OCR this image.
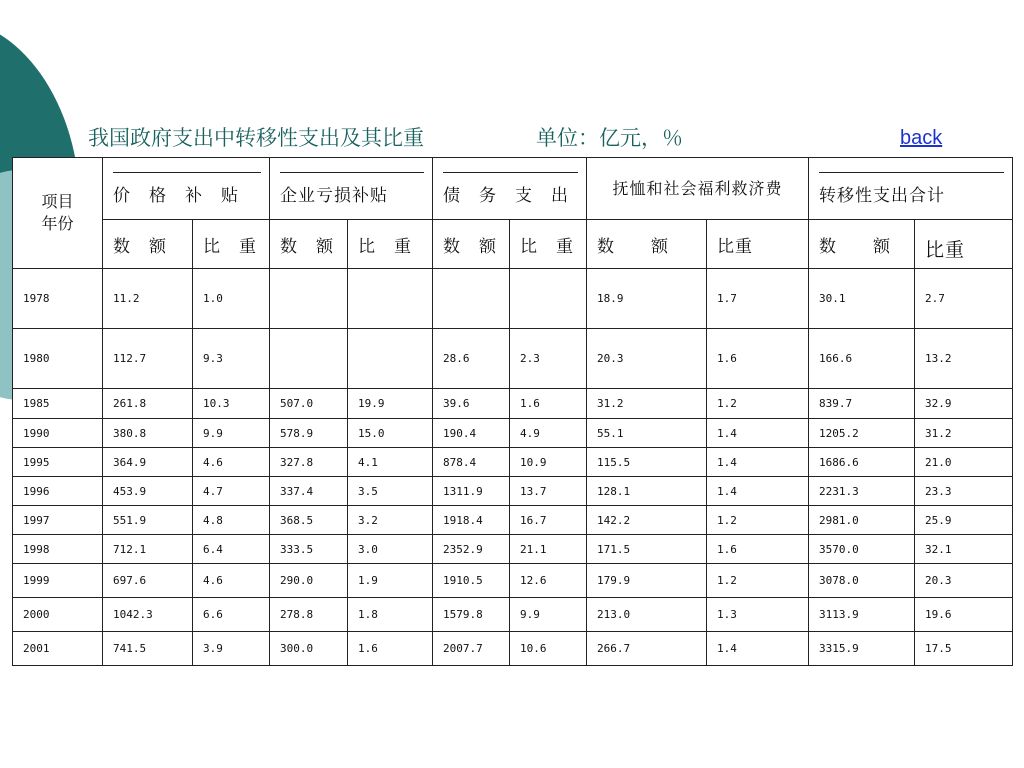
我国政府支出中转移性支出及其比重	单位：亿元，％	back
项目
年份	价　格　补　贴		企业亏损补贴		债　务　支　出		抚恤和社会福利救济费		转移性支出合计	
	数　额	比　重	数　额	比　重	数　额	比　重	数　　额	比重	数　　额	比重
1978	11.2	1.0					18.9	1.7	30.1	2.7
1980	112.7	9.3			28.6	2.3	20.3	1.6	166.6	13.2
1985	261.8	10.3	507.0	19.9	39.6	1.6	31.2	1.2	839.7	32.9
1990	380.8	9.9	578.9	15.0	190.4	4.9	55.1	1.4	1205.2	31.2
1995	364.9	4.6	327.8	4.1	878.4	10.9	115.5	1.4	1686.6	21.0
1996	453.9	4.7	337.4	3.5	1311.9	13.7	128.1	1.4	2231.3	23.3
1997	551.9	4.8	368.5	3.2	1918.4	16.7	142.2	1.2	2981.0	25.9
1998	712.1	6.4	333.5	3.0	2352.9	21.1	171.5	1.6	3570.0	32.1
1999	697.6	4.6	290.0	1.9	1910.5	12.6	179.9	1.2	3078.0	20.3
2000	1042.3	6.6	278.8	1.8	1579.8	9.9	213.0	1.3	3113.9	19.6
2001	741.5	3.9	300.0	1.6	2007.7	10.6	266.7	1.4	3315.9	17.5
